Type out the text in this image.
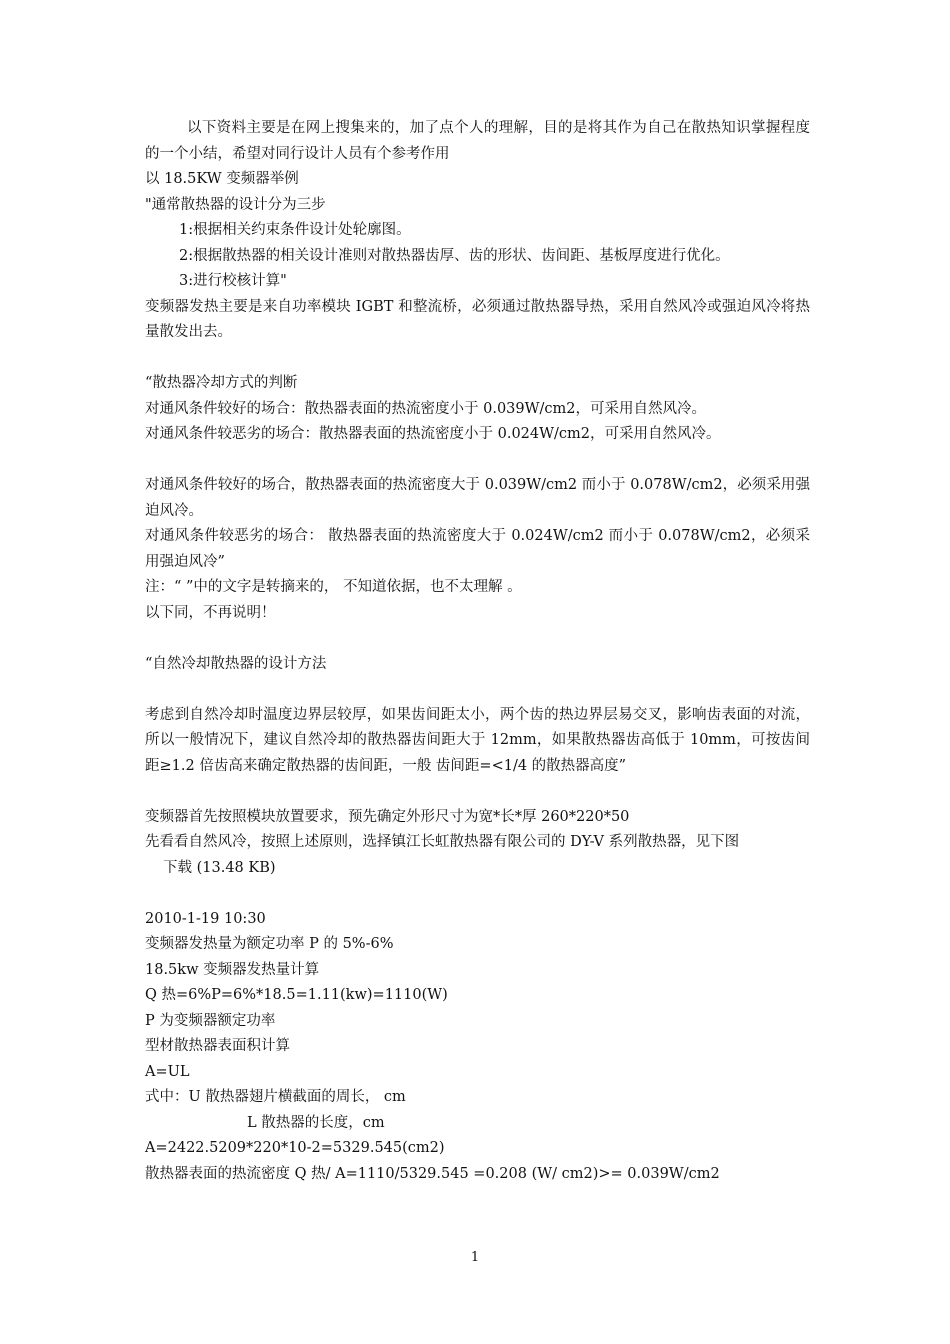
以下资料主要是在网上搜集来的，加了点个人的理解，目的是将其作为自己在散热知识掌握程度的一个小结，希望对同行设计人员有个参考作用

以 18.5KW 变频器举例

"通常散热器的设计分为三步

1:根据相关约束条件设计处轮廓图。

2:根据散热器的相关设计准则对散热器齿厚、齿的形状、齿间距、基板厚度进行优化。

3:进行校核计算"

变频器发热主要是来自功率模块 IGBT 和整流桥，必须通过散热器导热，采用自然风冷或强迫风冷将热量散发出去。

“散热器冷却方式的判断

对通风条件较好的场合：散热器表面的热流密度小于 0.039W/cm2，可采用自然风冷。

对通风条件较恶劣的场合：散热器表面的热流密度小于 0.024W/cm2，可采用自然风冷。

对通风条件较好的场合，散热器表面的热流密度大于 0.039W/cm2 而小于 0.078W/cm2，必须采用强迫风冷。

对通风条件较恶劣的场合： 散热器表面的热流密度大于 0.024W/cm2 而小于 0.078W/cm2，必须采用强迫风冷”

注：“ ”中的文字是转摘来的， 不知道依据，也不太理解 。

以下同，不再说明！

“自然冷却散热器的设计方法

考虑到自然冷却时温度边界层较厚，如果齿间距太小，两个齿的热边界层易交叉，影响齿表面的对流，所以一般情况下，建议自然冷却的散热器齿间距大于 12mm，如果散热器齿高低于 10mm，可按齿间距≥1.2 倍齿高来确定散热器的齿间距，一般 齿间距=<1/4 的散热器高度”

变频器首先按照模块放置要求，预先确定外形尺寸为宽*长*厚 260*220*50

先看看自然风冷，按照上述原则，选择镇江长虹散热器有限公司的 DY-V 系列散热器，见下图

下载 (13.48 KB)

2010-1-19 10:30

变频器发热量为额定功率 P 的 5%-6%

18.5kw 变频器发热量计算

Q 热=6%P=6%*18.5=1.11(kw)=1110(W)

P 为变频器额定功率

型材散热器表面积计算

A=UL

式中：U 散热器翅片横截面的周长， cm

L 散热器的长度，cm

A=2422.5209*220*10-2=5329.545(cm2)

散热器表面的热流密度 Q 热/ A=1110/5329.545 =0.208 (W/ cm2)>= 0.039W/cm2

1
